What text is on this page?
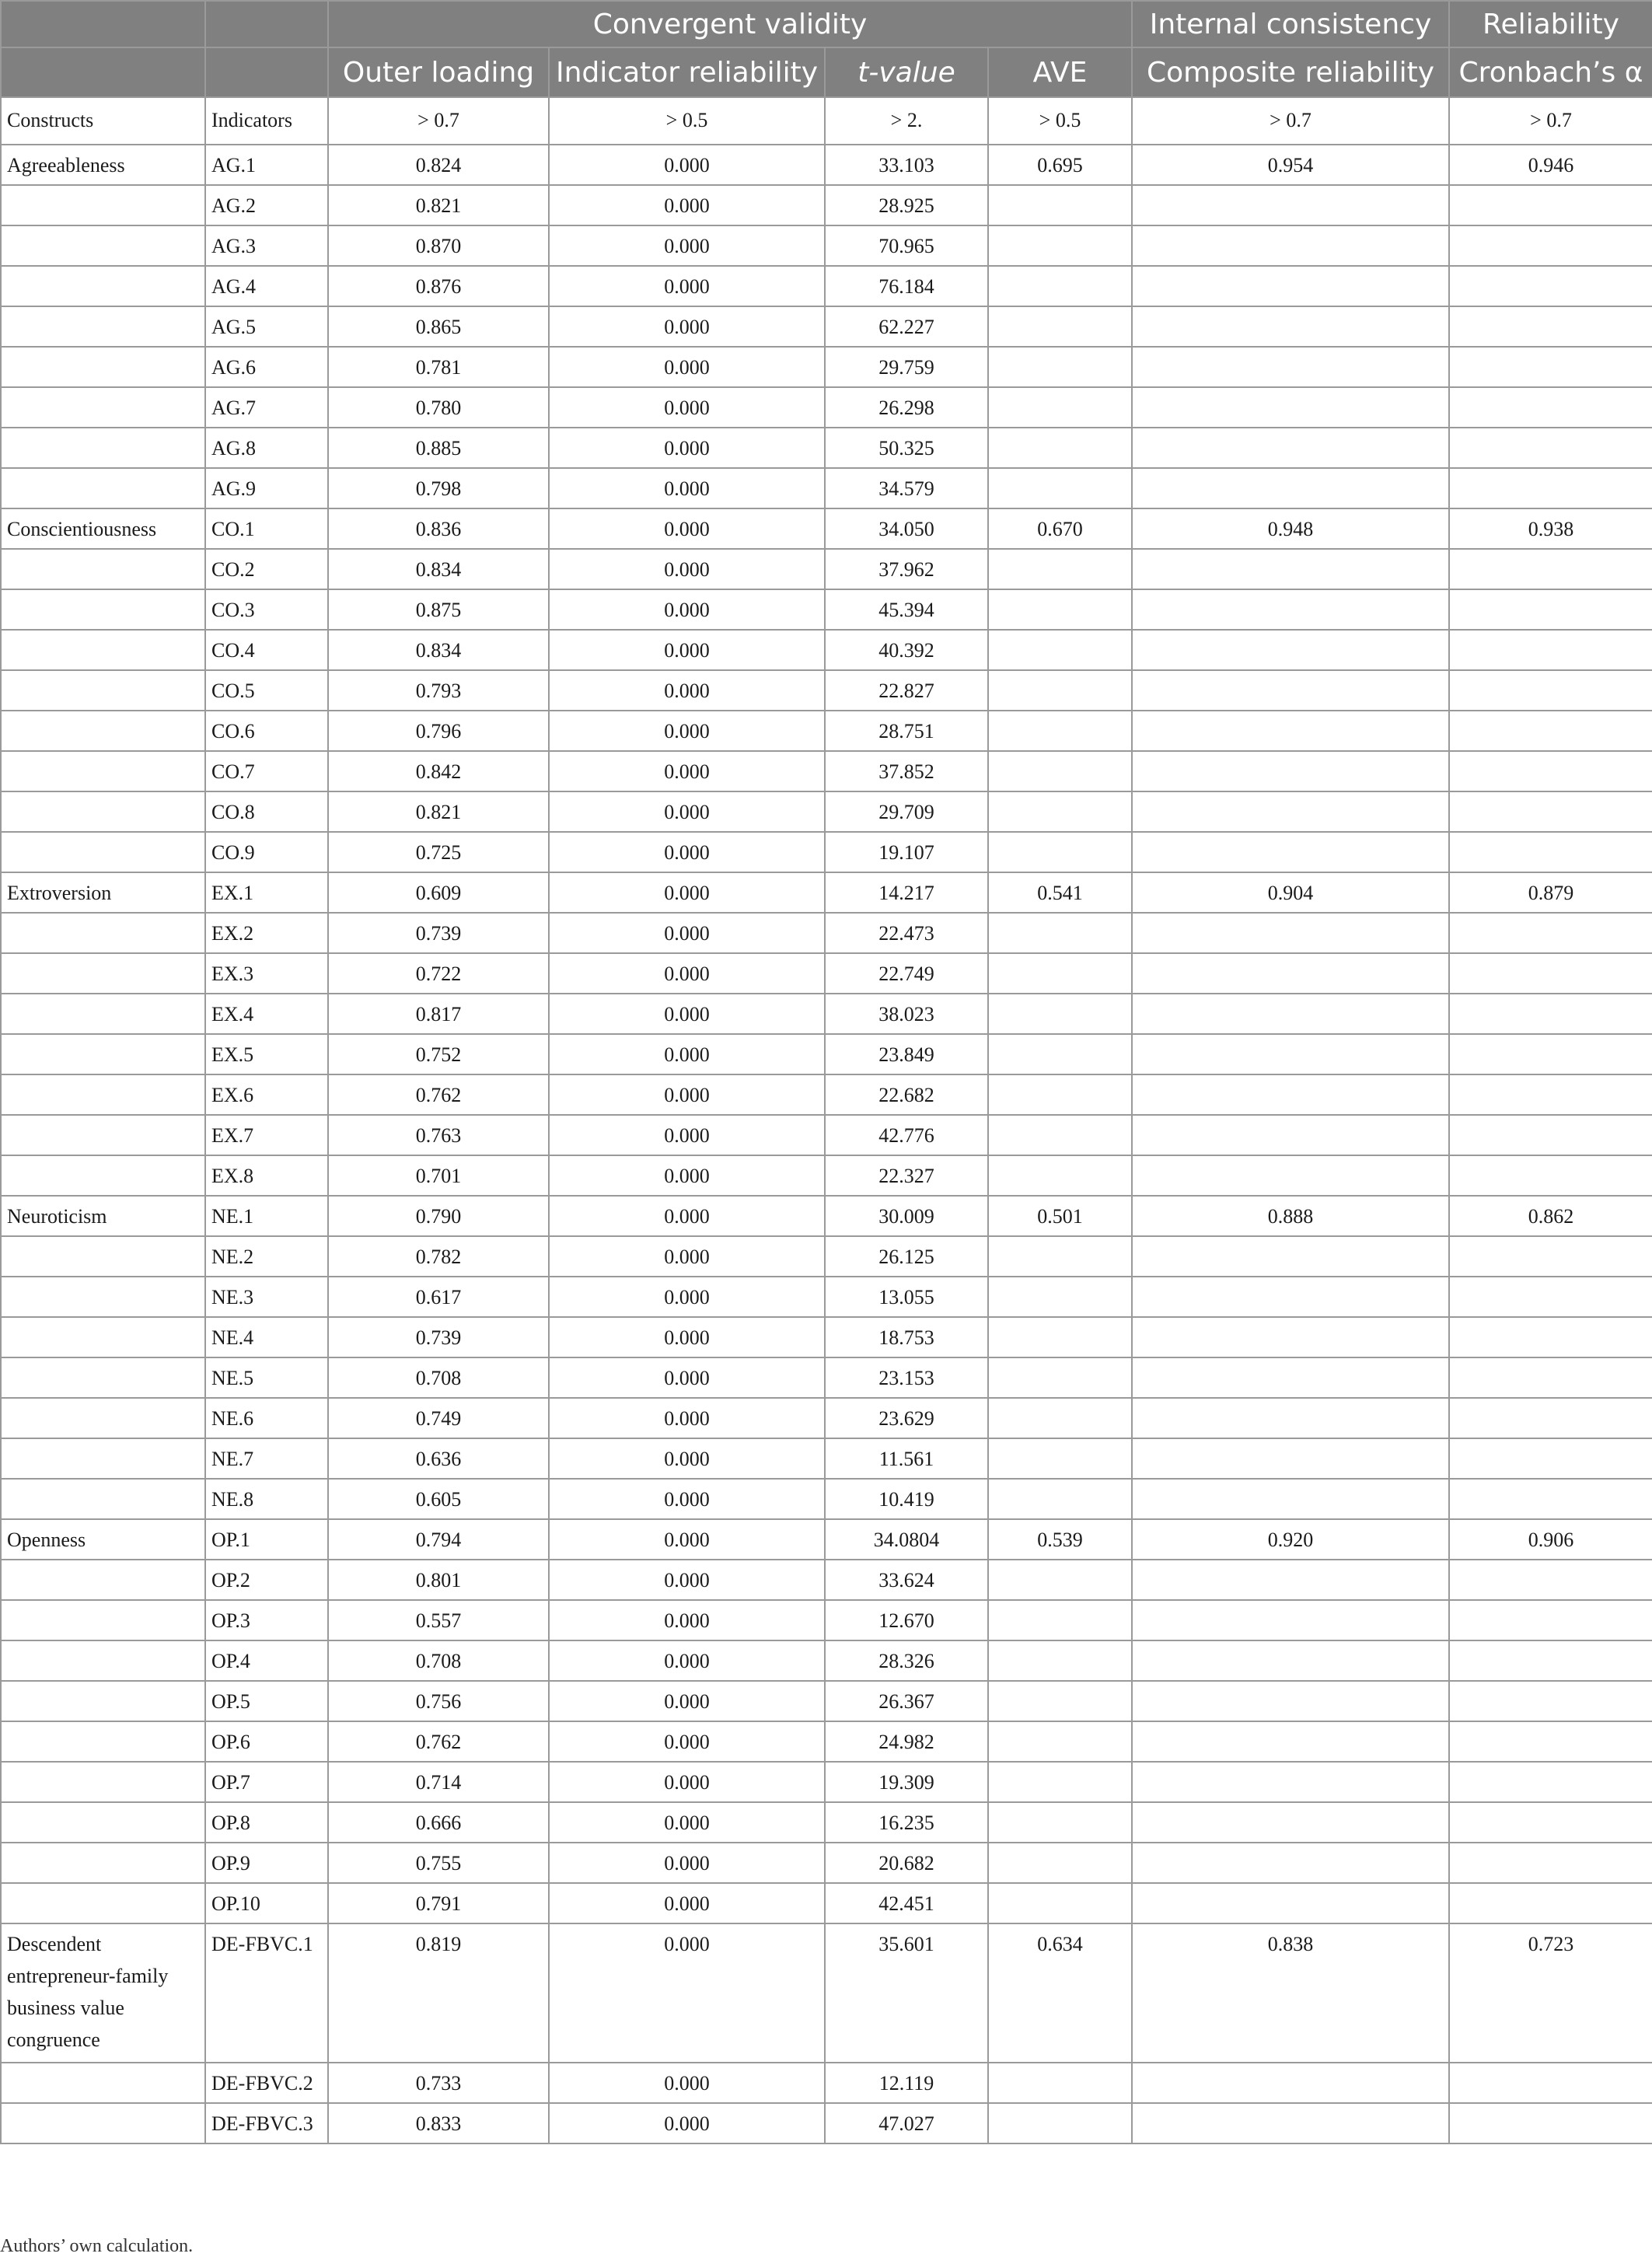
		Convergent validity				Internal consistency	Reliability
		Outer loading	Indicator reliability	t-value	AVE	Composite reliability	Cronbach’s α
Constructs	Indicators	> 0.7	> 0.5	> 2.	> 0.5	> 0.7	> 0.7
Agreeableness	AG.1	0.824	0.000	33.103	0.695	0.954	0.946
	AG.2	0.821	0.000	28.925			
	AG.3	0.870	0.000	70.965			
	AG.4	0.876	0.000	76.184			
	AG.5	0.865	0.000	62.227			
	AG.6	0.781	0.000	29.759			
	AG.7	0.780	0.000	26.298			
	AG.8	0.885	0.000	50.325			
	AG.9	0.798	0.000	34.579			
Conscientiousness	CO.1	0.836	0.000	34.050	0.670	0.948	0.938
	CO.2	0.834	0.000	37.962			
	CO.3	0.875	0.000	45.394			
	CO.4	0.834	0.000	40.392			
	CO.5	0.793	0.000	22.827			
	CO.6	0.796	0.000	28.751			
	CO.7	0.842	0.000	37.852			
	CO.8	0.821	0.000	29.709			
	CO.9	0.725	0.000	19.107			
Extroversion	EX.1	0.609	0.000	14.217	0.541	0.904	0.879
	EX.2	0.739	0.000	22.473			
	EX.3	0.722	0.000	22.749			
	EX.4	0.817	0.000	38.023			
	EX.5	0.752	0.000	23.849			
	EX.6	0.762	0.000	22.682			
	EX.7	0.763	0.000	42.776			
	EX.8	0.701	0.000	22.327			
Neuroticism	NE.1	0.790	0.000	30.009	0.501	0.888	0.862
	NE.2	0.782	0.000	26.125			
	NE.3	0.617	0.000	13.055			
	NE.4	0.739	0.000	18.753			
	NE.5	0.708	0.000	23.153			
	NE.6	0.749	0.000	23.629			
	NE.7	0.636	0.000	11.561			
	NE.8	0.605	0.000	10.419			
Openness	OP.1	0.794	0.000	34.0804	0.539	0.920	0.906
	OP.2	0.801	0.000	33.624			
	OP.3	0.557	0.000	12.670			
	OP.4	0.708	0.000	28.326			
	OP.5	0.756	0.000	26.367			
	OP.6	0.762	0.000	24.982			
	OP.7	0.714	0.000	19.309			
	OP.8	0.666	0.000	16.235			
	OP.9	0.755	0.000	20.682			
	OP.10	0.791	0.000	42.451			
Descendent entrepreneur-family business value congruence	DE-FBVC.1	0.819	0.000	35.601	0.634	0.838	0.723
	DE-FBVC.2	0.733	0.000	12.119			
	DE-FBVC.3	0.833	0.000	47.027			
Authors’ own calculation.
